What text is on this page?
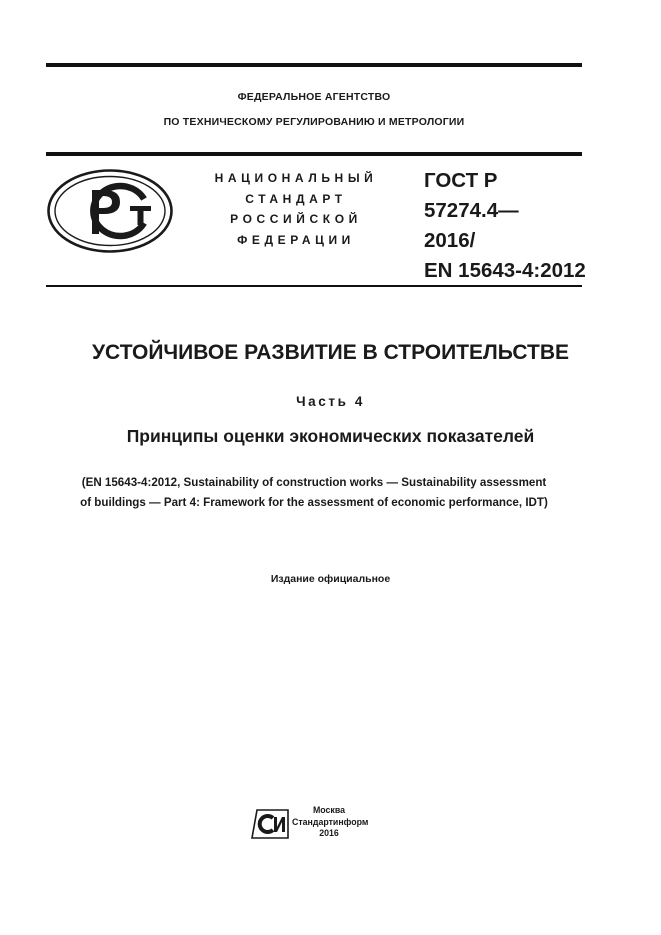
ФЕДЕРАЛЬНОЕ АГЕНТСТВО
ПО ТЕХНИЧЕСКОМУ РЕГУЛИРОВАНИЮ И МЕТРОЛОГИИ
НАЦИОНАЛЬНЫЙ
СТАНДАРТ
РОССИЙСКОЙ
ФЕДЕРАЦИИ
ГОСТ Р
57274.4—
2016/
EN 15643-4:2012
УСТОЙЧИВОЕ РАЗВИТИЕ В СТРОИТЕЛЬСТВЕ
Часть 4
Принципы оценки экономических показателей
(EN 15643-4:2012, Sustainability of construction works — Sustainability assessment
of buildings — Part 4: Framework for the assessment of economic performance, IDT)
Издание официальное
Москва
Стандартинформ
2016
